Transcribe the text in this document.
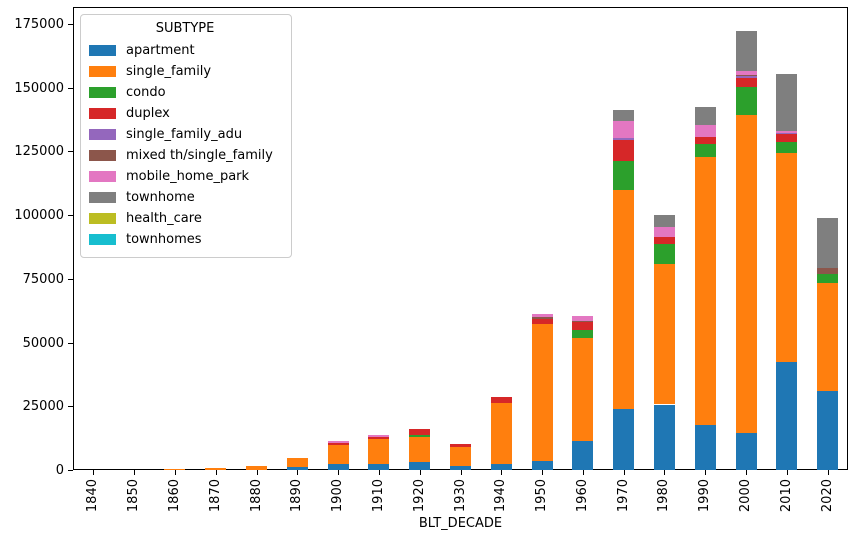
0
25000
50000
75000
100000
125000
150000
175000
1840 1850 1860 1870 1880 1890 1900 1910 1920 1930 1940 1950 1960 1970 1980 1990 2000 2010 2020
BLT_DECADE
SUBTYPE
apartment
single_family
condo
duplex
single_family_adu
mixed th/single_family
mobile_home_park
townhome
health_care
townhomes
